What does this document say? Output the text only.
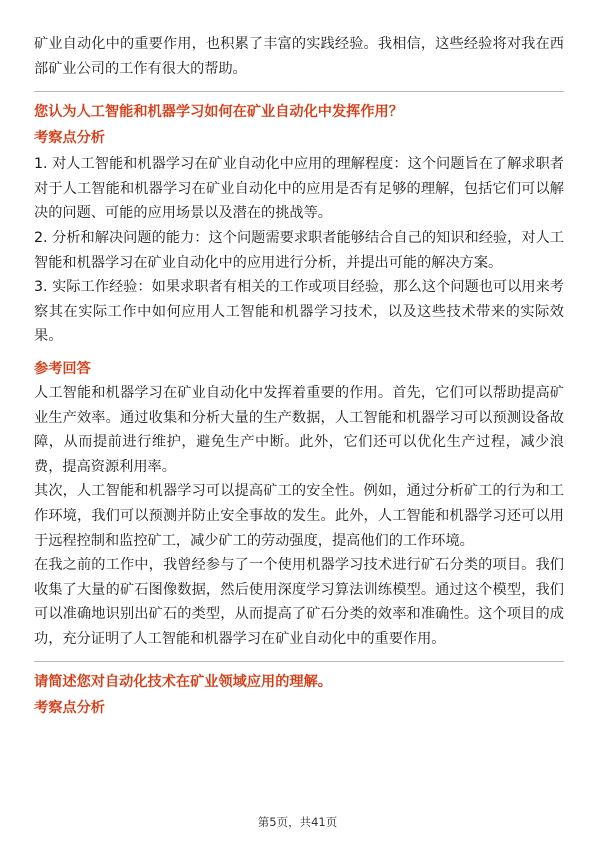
矿业自动化中的重要作用，也积累了丰富的实践经验。我相信，这些经验将对我在西部矿业公司的工作有很大的帮助。

您认为人工智能和机器学习如何在矿业自动化中发挥作用？
考察点分析

1. 对人工智能和机器学习在矿业自动化中应用的理解程度：这个问题旨在了解求职者对于人工智能和机器学习在矿业自动化中的应用是否有足够的理解，包括它们可以解决的问题、可能的应用场景以及潜在的挑战等。

2. 分析和解决问题的能力：这个问题需要求职者能够结合自己的知识和经验，对人工智能和机器学习在矿业自动化中的应用进行分析，并提出可能的解决方案。

3. 实际工作经验：如果求职者有相关的工作或项目经验，那么这个问题也可以用来考察其在实际工作中如何应用人工智能和机器学习技术，以及这些技术带来的实际效果。

参考回答

人工智能和机器学习在矿业自动化中发挥着重要的作用。首先，它们可以帮助提高矿业生产效率。通过收集和分析大量的生产数据，人工智能和机器学习可以预测设备故障，从而提前进行维护，避免生产中断。此外，它们还可以优化生产过程，减少浪费，提高资源利用率。

其次，人工智能和机器学习可以提高矿工的安全性。例如，通过分析矿工的行为和工作环境，我们可以预测并防止安全事故的发生。此外，人工智能和机器学习还可以用于远程控制和监控矿工，减少矿工的劳动强度，提高他们的工作环境。

在我之前的工作中，我曾经参与了一个使用机器学习技术进行矿石分类的项目。我们收集了大量的矿石图像数据，然后使用深度学习算法训练模型。通过这个模型，我们可以准确地识别出矿石的类型，从而提高了矿石分类的效率和准确性。这个项目的成功，充分证明了人工智能和机器学习在矿业自动化中的重要作用。

请简述您对自动化技术在矿业领域应用的理解。
考察点分析
第5页，共41页
